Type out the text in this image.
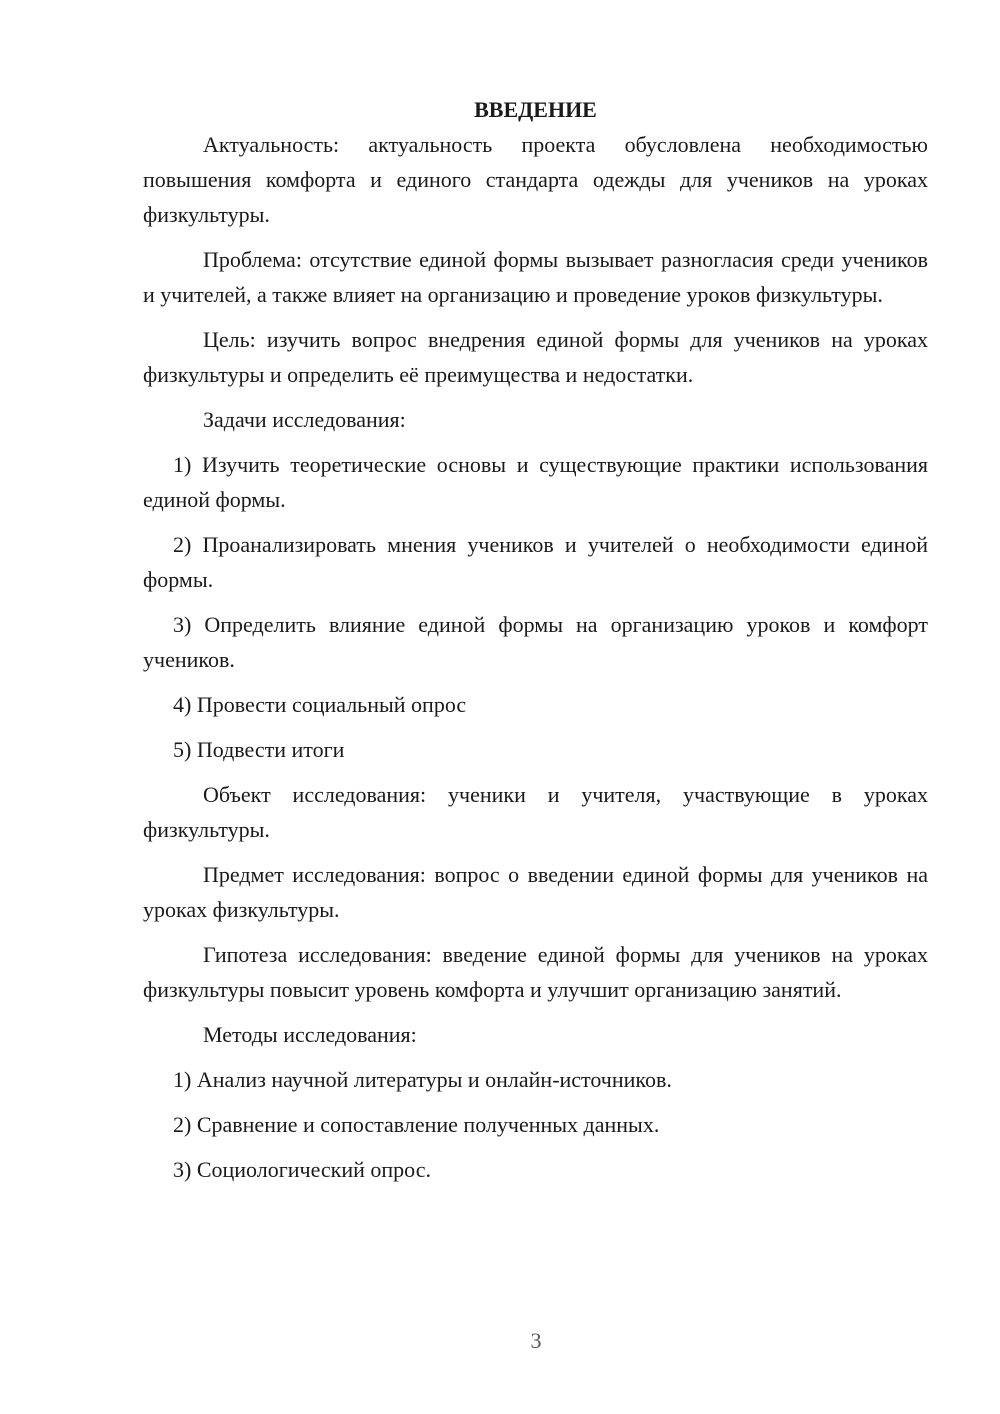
ВВЕДЕНИЕ

Актуальность: актуальность проекта обусловлена необходимостью повышения комфорта и единого стандарта одежды для учеников на уроках физкультуры.

Проблема: отсутствие единой формы вызывает разногласия среди учеников и учителей, а также влияет на организацию и проведение уроков физкультуры.

Цель: изучить вопрос внедрения единой формы для учеников на уроках физкультуры и определить её преимущества и недостатки.

Задачи исследования:

1) Изучить теоретические основы и существующие практики использования единой формы.

2) Проанализировать мнения учеников и учителей о необходимости единой формы.

3) Определить влияние единой формы на организацию уроков и комфорт учеников.

4) Провести социальный опрос

5) Подвести итоги

Объект исследования: ученики и учителя, участвующие в уроках физкультуры.

Предмет исследования: вопрос о введении единой формы для учеников на уроках физкультуры.

Гипотеза исследования: введение единой формы для учеников на уроках физкультуры повысит уровень комфорта и улучшит организацию занятий.

Методы исследования:

1) Анализ научной литературы и онлайн-источников.

2) Сравнение и сопоставление полученных данных.

3) Социологический опрос.

3
